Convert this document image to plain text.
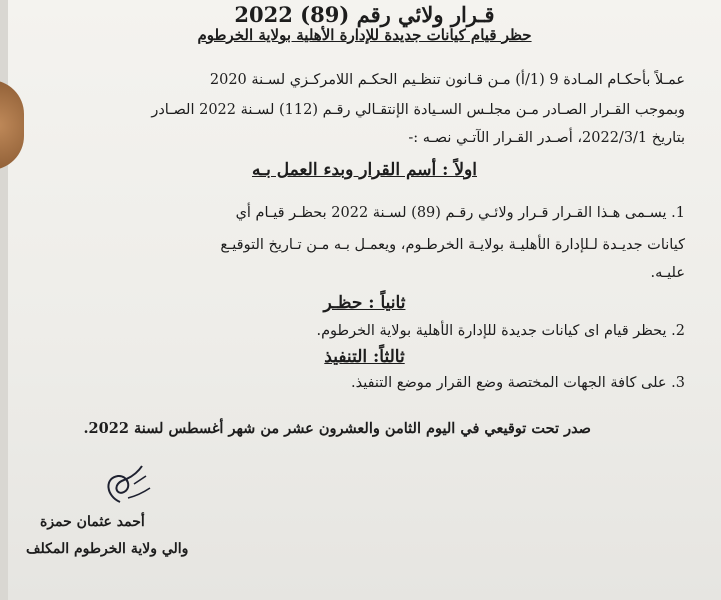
قـرار ولائي رقم (89) 2022

حظر قيام كيانات جديدة للإدارة الأهلية بولاية الخرطوم

عمـلاً بأحكـام المـادة 9 (1/أ) مـن قـانون تنظـيم الحكـم اللامركـزي لسـنة 2020

وبموجب القـرار الصـادر مـن مجلـس السـيادة الإنتقـالي رقـم (112) لسـنة 2022 الصـادر

بتاريخ 2022/3/1، أصـدر القـرار الآتـي نصـه :-

اولاً : أسم القرار وبدء العمل بـه

1. يسـمى هـذا القـرار قـرار ولائـي رقـم (89) لسـنة 2022 بحظـر قيـام أي

كيانات جديـدة لـلإدارة الأهليـة بولايـة الخرطـوم، ويعمـل بـه مـن تـاريخ التوقيـع

عليـه.

ثانياً : حظـر

2. يحظر قيام اى كيانات جديدة للإدارة الأهلية بولاية الخرطوم.

ثالثاً: التنفيذ

3. على كافة الجهات المختصة وضع القرار موضع التنفيذ.

صدر تحت توقيعي في اليوم الثامن والعشرون عشر من شهر أغسطس لسنة 2022.

أحمد عثمان حمزة

والي ولاية الخرطوم المكلف
